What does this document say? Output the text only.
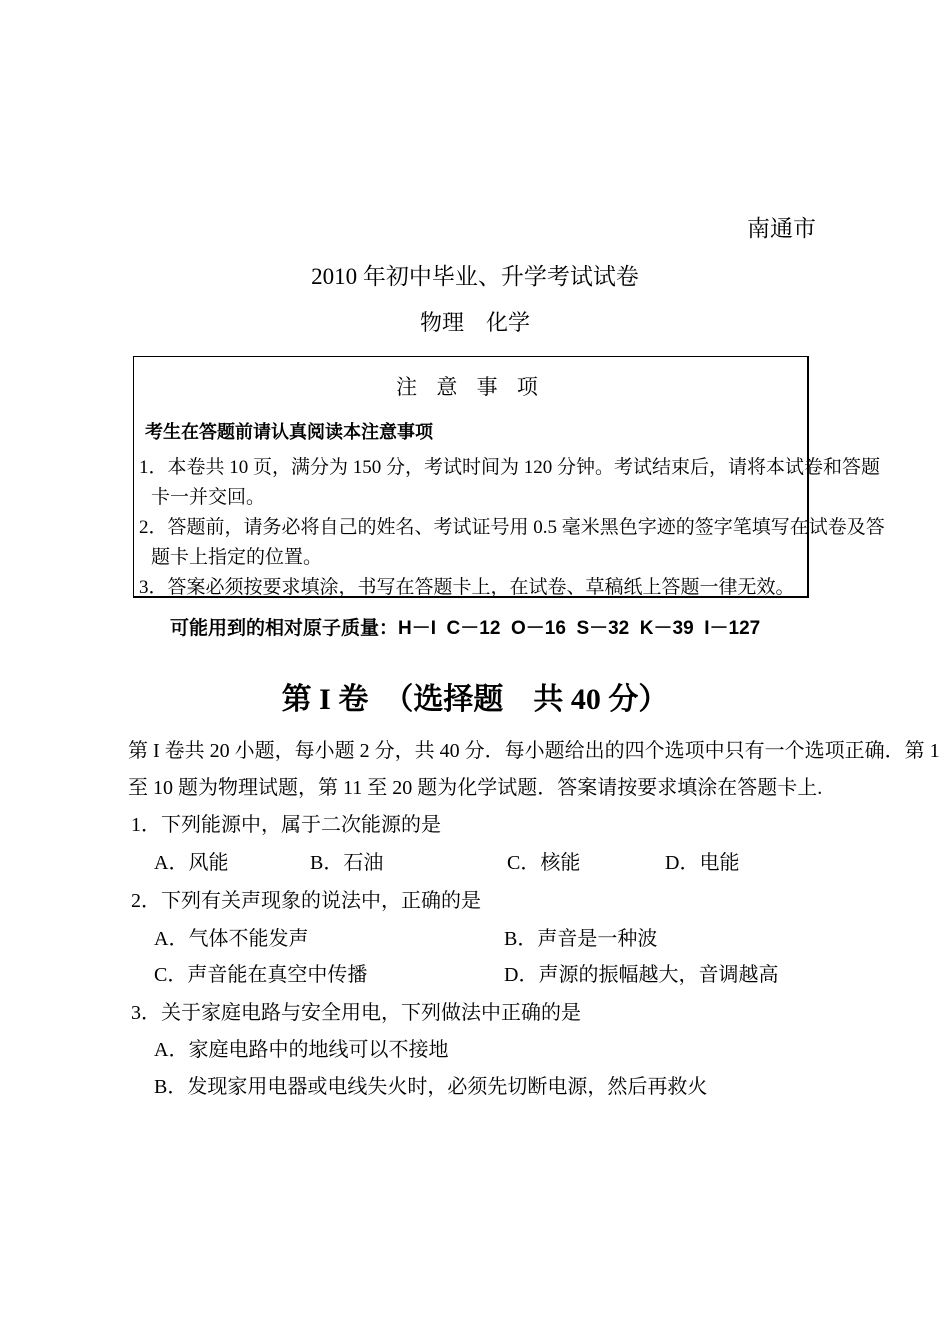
南通市
2010 年初中毕业、升学考试试卷
物理　化学
注 意 事 项
考生在答题前请认真阅读本注意事项
1．本卷共 10 页，满分为 150 分，考试时间为 120 分钟。考试结束后，请将本试卷和答题
卡一并交回。
2．答题前，请务必将自己的姓名、考试证号用 0.5 毫米黑色字迹的签字笔填写在试卷及答
题卡上指定的位置。
3．答案必须按要求填涂，书写在答题卡上，在试卷、草稿纸上答题一律无效。
可能用到的相对原子质量：H－I  C－12  O－16  S－32  K－39  I－127
第 I 卷　（选择题　共 40 分）
第 I 卷共 20 小题，每小题 2 分，共 40 分．每小题给出的四个选项中只有一个选项正确．第 1
至 10 题为物理试题，第 11 至 20 题为化学试题．答案请按要求填涂在答题卡上.
1．下列能源中，属于二次能源的是
A．风能	B．石油	C．核能	D．电能
2．下列有关声现象的说法中，正确的是
A．气体不能发声	B．声音是一种波
C．声音能在真空中传播	D．声源的振幅越大，音调越高
3．关于家庭电路与安全用电，下列做法中正确的是
A．家庭电路中的地线可以不接地
B．发现家用电器或电线失火时，必须先切断电源，然后再救火
